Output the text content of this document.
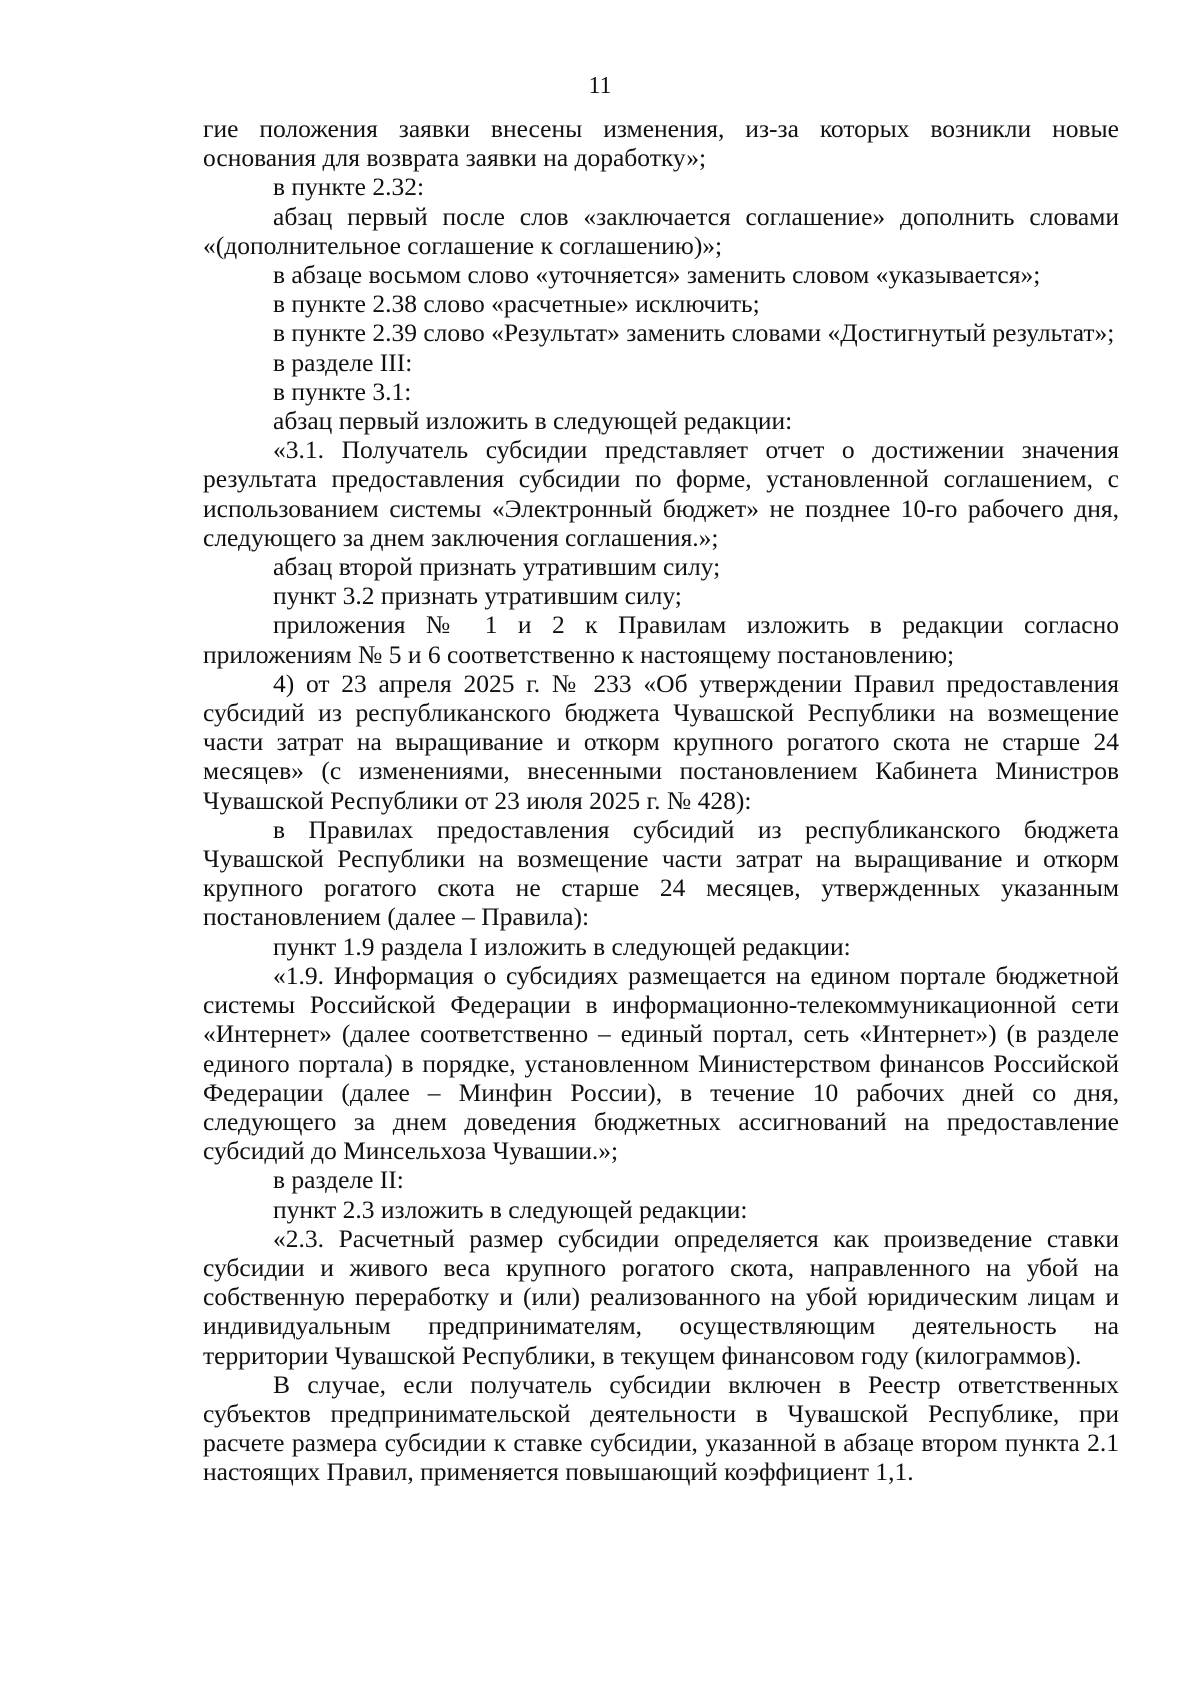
11

гие положения заявки внесены изменения, из-за которых возникли новые основания для возврата заявки на доработку»;

в пункте 2.32:

абзац первый после слов «заключается соглашение» дополнить словами «(дополнительное соглашение к соглашению)»;

в абзаце восьмом слово «уточняется» заменить словом «указывается»;

в пункте 2.38 слово «расчетные» исключить;

в пункте 2.39 слово «Результат» заменить словами «Достигнутый результат»;

в разделе III:

в пункте 3.1:

абзац первый изложить в следующей редакции:

«3.1. Получатель субсидии представляет отчет о достижении значения результата предоставления субсидии по форме, установленной соглашением, с использованием системы «Электронный бюджет» не позднее 10-го рабочего дня, следующего за днем заключения соглашения.»;

абзац второй признать утратившим силу;

пункт 3.2 признать утратившим силу;

приложения № 1 и 2 к Правилам изложить в редакции согласно приложениям № 5 и 6 соответственно к настоящему постановлению;

4) от 23 апреля 2025 г. № 233 «Об утверждении Правил предоставления субсидий из республиканского бюджета Чувашской Республики на возмещение части затрат на выращивание и откорм крупного рогатого скота не старше 24 месяцев» (с изменениями, внесенными постановлением Кабинета Министров Чувашской Республики от 23 июля 2025 г. № 428):

в Правилах предоставления субсидий из республиканского бюджета Чувашской Республики на возмещение части затрат на выращивание и откорм крупного рогатого скота не старше 24 месяцев, утвержденных указанным постановлением (далее – Правила):

пункт 1.9 раздела I изложить в следующей редакции:

«1.9. Информация о субсидиях размещается на едином портале бюджетной системы Российской Федерации в информационно-телекоммуникационной сети «Интернет» (далее соответственно – единый портал, сеть «Интернет») (в разделе единого портала) в порядке, установленном Министерством финансов Российской Федерации (далее – Минфин России), в течение 10 рабочих дней со дня, следующего за днем доведения бюджетных ассигнований на предоставление субсидий до Минсельхоза Чувашии.»;

в разделе II:

пункт 2.3 изложить в следующей редакции:

«2.3. Расчетный размер субсидии определяется как произведение ставки субсидии и живого веса крупного рогатого скота, направленного на убой на собственную переработку и (или) реализованного на убой юридическим лицам и индивидуальным предпринимателям, осуществляющим деятельность на территории Чувашской Республики, в текущем финансовом году (килограммов).

В случае, если получатель субсидии включен в Реестр ответственных субъектов предпринимательской деятельности в Чувашской Республике, при расчете размера субсидии к ставке субсидии, указанной в абзаце втором пункта 2.1 настоящих Правил, применяется повышающий коэффициент 1,1.
